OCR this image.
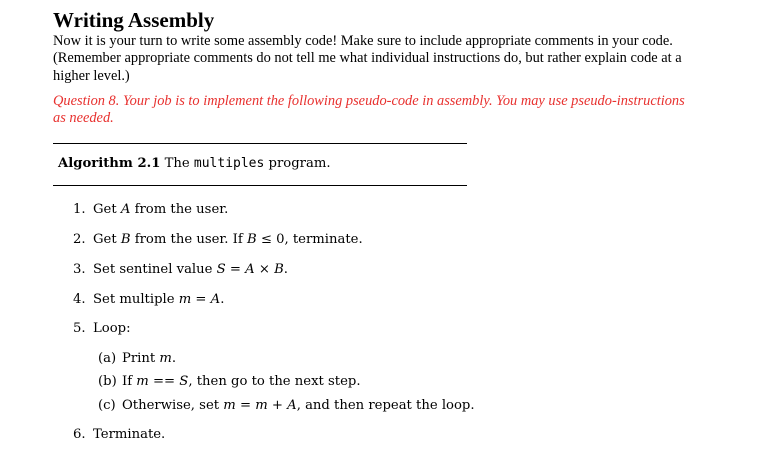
Writing Assembly

Now it is your turn to write some assembly code! Make sure to include appropriate comments in your code. (Remember appropriate comments do not tell me what individual instructions do, but rather explain code at a higher level.)

Question 8. Your job is to implement the following pseudo-code in assembly. You may use pseudo-instructions as needed.

Algorithm 2.1 The multiples program.

1. Get A from the user.

2. Get B from the user. If B ≤ 0, terminate.

3. Set sentinel value S = A × B.

4. Set multiple m = A.

5. Loop:

(a) Print m.

(b) If m == S, then go to the next step.

(c) Otherwise, set m = m + A, and then repeat the loop.

6. Terminate.
